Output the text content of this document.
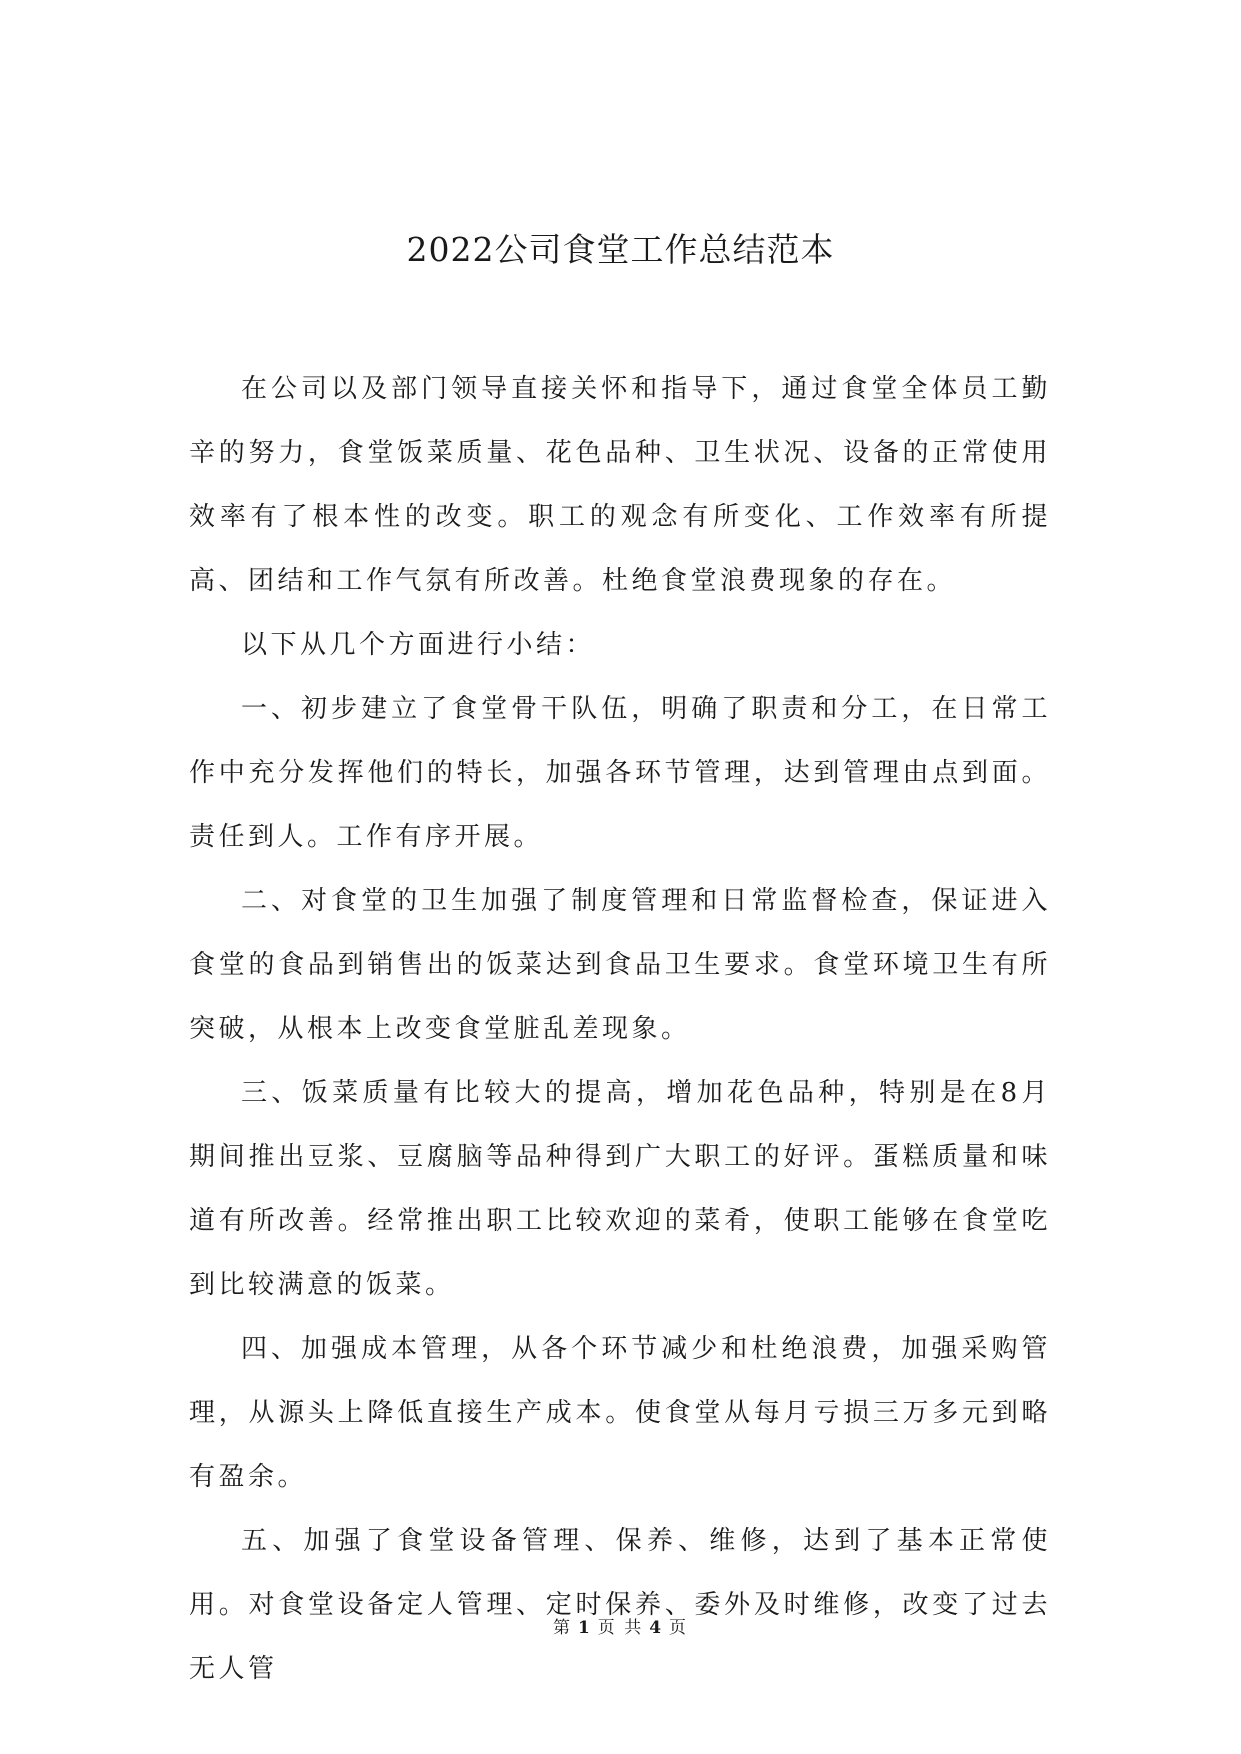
2022公司食堂工作总结范本

在公司以及部门领导直接关怀和指导下，通过食堂全体员工勤辛的努力，食堂饭菜质量、花色品种、卫生状况、设备的正常使用效率有了根本性的改变。职工的观念有所变化、工作效率有所提高、团结和工作气氛有所改善。杜绝食堂浪费现象的存在。

以下从几个方面进行小结：

一、初步建立了食堂骨干队伍，明确了职责和分工，在日常工作中充分发挥他们的特长，加强各环节管理，达到管理由点到面。责任到人。工作有序开展。

二、对食堂的卫生加强了制度管理和日常监督检查，保证进入食堂的食品到销售出的饭菜达到食品卫生要求。食堂环境卫生有所突破，从根本上改变食堂脏乱差现象。

三、饭菜质量有比较大的提高，增加花色品种，特别是在8月期间推出豆浆、豆腐脑等品种得到广大职工的好评。蛋糕质量和味道有所改善。经常推出职工比较欢迎的菜肴，使职工能够在食堂吃到比较满意的饭菜。

四、加强成本管理，从各个环节减少和杜绝浪费，加强采购管理，从源头上降低直接生产成本。使食堂从每月亏损三万多元到略有盈余。

五、加强了食堂设备管理、保养、维修，达到了基本正常使用。对食堂设备定人管理、定时保养、委外及时维修，改变了过去无人管

第 1 页 共 4 页
